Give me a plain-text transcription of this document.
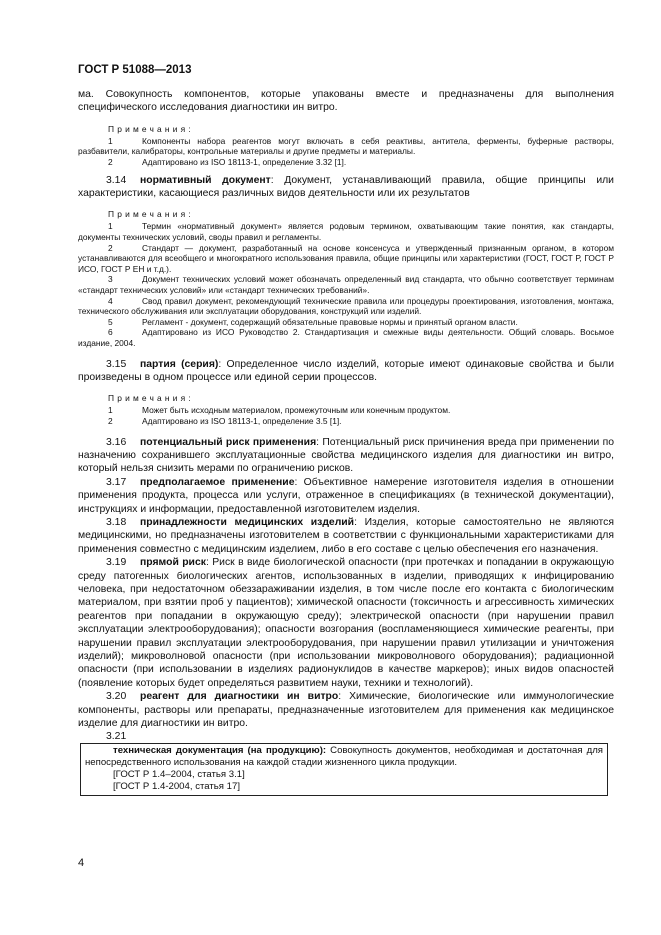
ГОСТ Р 51088—2013

ма. Совокупность компонентов, которые упакованы вместе и предназначены для выполнения специфического исследования диагностики ин витро.

Примечания:

1	Компоненты набора реагентов могут включать в себя реактивы, антитела, ферменты, буферные растворы, разбавители, калибраторы, контрольные материалы и другие предметы и материалы.

2	Адаптировано из ISO 18113-1, определение 3.32 [1].

3.14 нормативный документ: Документ, устанавливающий правила, общие принципы или характеристики, касающиеся различных видов деятельности или их результатов

Примечания:

1	Термин «нормативный документ» является родовым термином, охватывающим такие понятия, как стандарты, документы технических условий, своды правил и регламенты.

2	Стандарт — документ, разработанный на основе консенсуса и утвержденный признанным органом, в котором устанавливаются для всеобщего и многократного использования правила, общие принципы или характеристики (ГОСТ, ГОСТ Р, ГОСТ Р ИСО, ГОСТ Р ЕН и т.д.).

3	Документ технических условий может обозначать определенный вид стандарта, что обычно соответствует терминам «стандарт технических условий» или «стандарт технических требований».

4	Свод правил документ, рекомендующий технические правила или процедуры проектирования, изготовления, монтажа, технического обслуживания или эксплуатации оборудования, конструкций или изделий.

5	Регламент - документ, содержащий обязательные правовые нормы и принятый органом власти.

6	Адаптировано из ИСО Руководство 2. Стандартизация и смежные виды деятельности. Общий словарь. Восьмое издание, 2004.

3.15 партия (серия): Определенное число изделий, которые имеют одинаковые свойства и были произведены в одном процессе или единой серии процессов.

Примечания:

1	Может быть исходным материалом, промежуточным или конечным продуктом.

2	Адаптировано из ISO 18113-1, определение 3.5 [1].

3.16 потенциальный риск применения: Потенциальный риск причинения вреда при применении по назначению сохранившего эксплуатационные свойства медицинского изделия для диагностики ин витро, который нельзя снизить мерами по ограничению рисков.

3.17 предполагаемое применение: Объективное намерение изготовителя изделия в отношении применения продукта, процесса или услуги, отраженное в спецификациях (в технической документации), инструкциях и информации, предоставленной изготовителем изделия.

3.18 принадлежности медицинских изделий: Изделия, которые самостоятельно не являются медицинскими, но предназначены изготовителем в соответствии с функциональными характеристиками для применения совместно с медицинским изделием, либо в его составе с целью обеспечения его назначения.

3.19 прямой риск: Риск в виде биологической опасности (при протечках и попадании в окружающую среду патогенных биологических агентов, использованных в изделии, приводящих к инфицированию человека, при недостаточном обеззараживании изделия, в том числе после его контакта с биологическим материалом, при взятии проб у пациентов); химической опасности (токсичность и агрессивность химических реагентов при попадании в окружающую среду); электрической опасности (при нарушении правил эксплуатации электрооборудования); опасности возгорания (воспламеняющиеся химические реагенты, при нарушении правил эксплуатации электрооборудования, при нарушении правил утилизации и уничтожения изделий); микроволновой опасности (при использовании микроволнового оборудования); радиационной опасности (при использовании в изделиях радионуклидов в качестве маркеров); иных видов опасностей (появление которых будет определяться развитием науки, техники и технологий).

3.20 реагент для диагностики ин витро: Химические, биологические или иммунологические компоненты, растворы или препараты, предназначенные изготовителем для применения как медицинское изделие для диагностики ин витро.

3.21

техническая документация (на продукцию): Совокупность документов, необходимая и достаточная для непосредственного использования на каждой стадии жизненного цикла продукции.

[ГОСТ Р 1.4–2004, статья 3.1]

[ГОСТ Р 1.4-2004, статья 17]

4
